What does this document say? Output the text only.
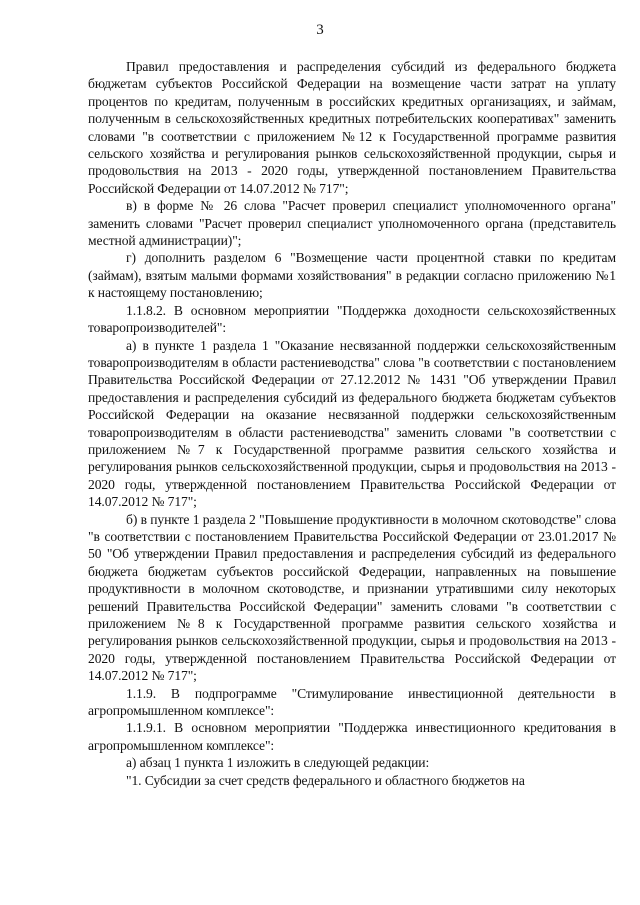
3

Правил предоставления и распределения субсидий из федерального бюджета бюджетам субъектов Российской Федерации на возмещение части затрат на уплату процентов по кредитам, полученным в российских кредитных организациях, и займам, полученным в сельскохозяйственных кредитных потребительских кооперативах" заменить словами "в соответствии с приложением №12 к Государственной программе развития сельского хозяйства и регулирования рынков сельскохозяйственной продукции, сырья и продовольствия на 2013 - 2020 годы, утвержденной постановлением Правительства Российской Федерации от 14.07.2012 № 717";

в) в форме № 26 слова "Расчет проверил специалист уполномоченного органа" заменить словами "Расчет проверил специалист уполномоченного органа (представитель местной администрации)";

г) дополнить разделом 6 "Возмещение части процентной ставки по кредитам (займам), взятым малыми формами хозяйствования" в редакции согласно приложению №1 к настоящему постановлению;

1.1.8.2. В основном мероприятии "Поддержка доходности сельскохозяйственных товаропроизводителей":

а) в пункте 1 раздела 1 "Оказание несвязанной поддержки сельскохозяйственным товаропроизводителям в области растениеводства" слова "в соответствии с постановлением Правительства Российской Федерации от 27.12.2012 № 1431 "Об утверждении Правил предоставления и распределения субсидий из федерального бюджета бюджетам субъектов Российской Федерации на оказание несвязанной поддержки сельскохозяйственным товаропроизводителям в области растениеводства" заменить словами "в соответствии с приложением №7 к Государственной программе развития сельского хозяйства и регулирования рынков сельскохозяйственной продукции, сырья и продовольствия на 2013 - 2020 годы, утвержденной постановлением Правительства Российской Федерации от 14.07.2012 № 717";

б) в пункте 1 раздела 2 "Повышение продуктивности в молочном скотоводстве" слова "в соответствии с постановлением Правительства Российской Федерации от 23.01.2017 № 50 "Об утверждении Правил предоставления и распределения субсидий из федерального бюджета бюджетам субъектов российской Федерации, направленных на повышение продуктивности в молочном скотоводстве, и признании утратившими силу некоторых решений Правительства Российской Федерации" заменить словами "в соответствии с приложением №8 к Государственной программе развития сельского хозяйства и регулирования рынков сельскохозяйственной продукции, сырья и продовольствия на 2013 - 2020 годы, утвержденной постановлением Правительства Российской Федерации от 14.07.2012 № 717";

1.1.9. В подпрограмме "Стимулирование инвестиционной деятельности в агропромышленном комплексе":

1.1.9.1. В основном мероприятии "Поддержка инвестиционного кредитования в агропромышленном комплексе":

а) абзац 1 пункта 1 изложить в следующей редакции:

"1. Субсидии за счет средств федерального и областного бюджетов на
